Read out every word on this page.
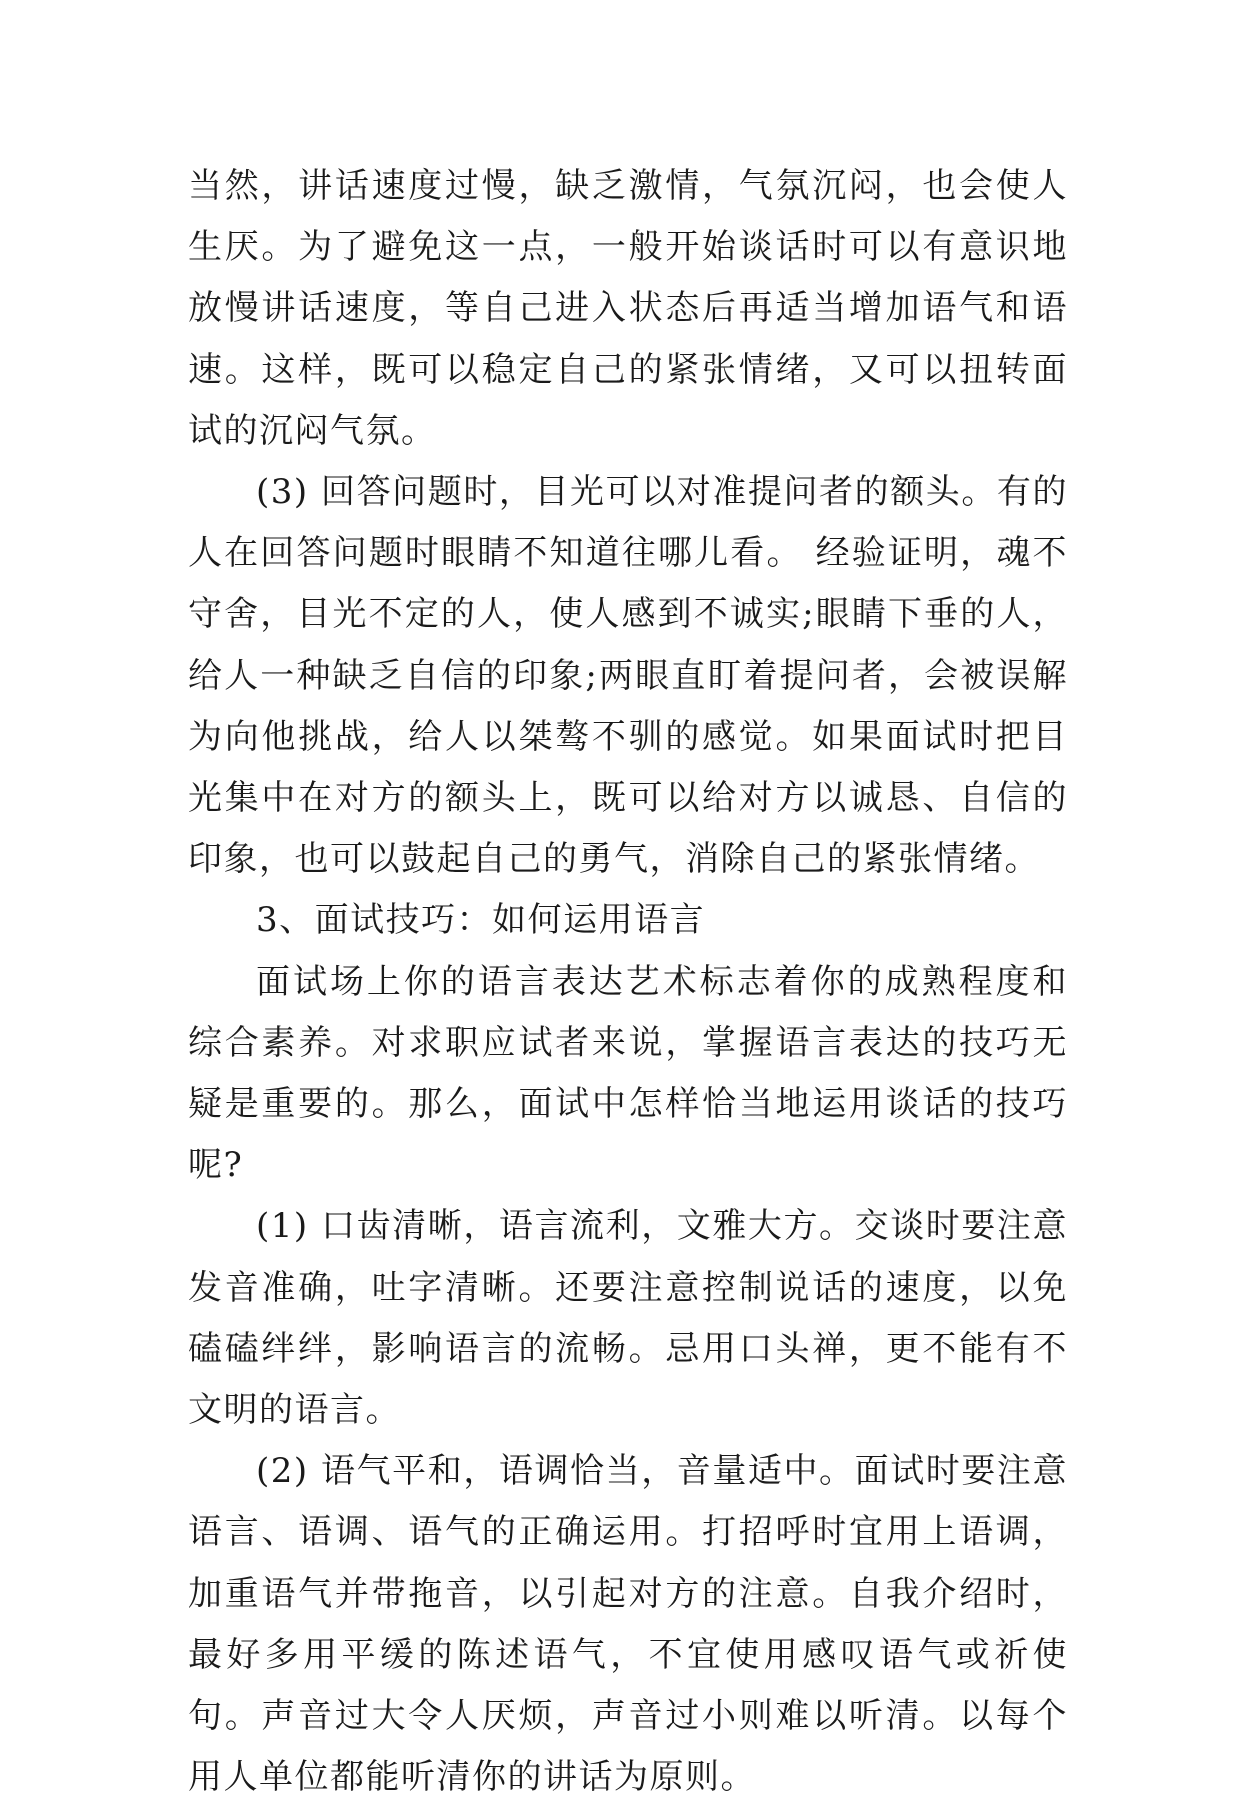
当然，讲话速度过慢，缺乏激情，气氛沉闷，也会使人生厌。为了避免这一点，一般开始谈话时可以有意识地放慢讲话速度，等自己进入状态后再适当增加语气和语速。这样，既可以稳定自己的紧张情绪，又可以扭转面试的沉闷气氛。

(3) 回答问题时，目光可以对准提问者的额头。有的人在回答问题时眼睛不知道往哪儿看。 经验证明，魂不守舍，目光不定的人，使人感到不诚实;眼睛下垂的人，给人一种缺乏自信的印象;两眼直盯着提问者，会被误解为向他挑战，给人以桀骜不驯的感觉。如果面试时把目光集中在对方的额头上，既可以给对方以诚恳、自信的印象，也可以鼓起自己的勇气，消除自己的紧张情绪。

3、面试技巧：如何运用语言

面试场上你的语言表达艺术标志着你的成熟程度和综合素养。对求职应试者来说，掌握语言表达的技巧无疑是重要的。那么，面试中怎样恰当地运用谈话的技巧呢?

(1) 口齿清晰，语言流利，文雅大方。交谈时要注意发音准确，吐字清晰。还要注意控制说话的速度，以免磕磕绊绊，影响语言的流畅。忌用口头禅，更不能有不文明的语言。

(2) 语气平和，语调恰当，音量适中。面试时要注意语言、语调、语气的正确运用。打招呼时宜用上语调，加重语气并带拖音，以引起对方的注意。自我介绍时，最好多用平缓的陈述语气，不宜使用感叹语气或祈使句。声音过大令人厌烦，声音过小则难以听清。以每个用人单位都能听清你的讲话为原则。
